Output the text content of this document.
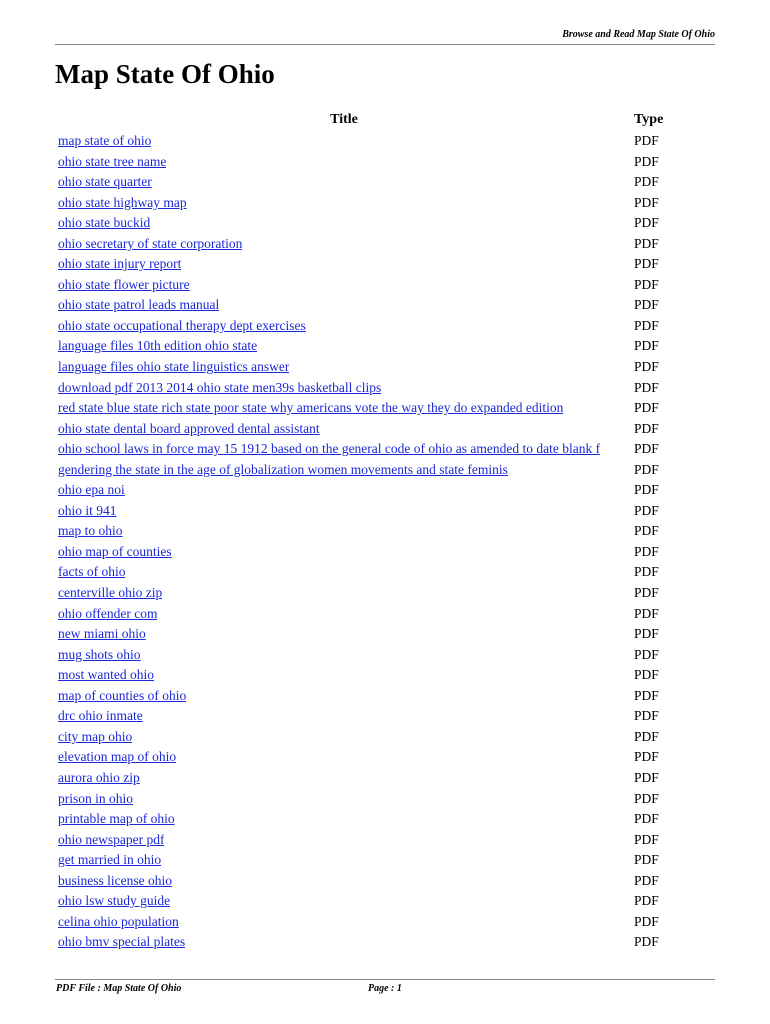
Browse and Read Map State Of Ohio
Map State Of Ohio
Title	Type
map state of ohio	PDF
ohio state tree name	PDF
ohio state quarter	PDF
ohio state highway map	PDF
ohio state buckid	PDF
ohio secretary of state corporation	PDF
ohio state injury report	PDF
ohio state flower picture	PDF
ohio state patrol leads manual	PDF
ohio state occupational therapy dept exercises	PDF
language files 10th edition ohio state	PDF
language files ohio state linguistics answer	PDF
download pdf 2013 2014 ohio state men39s basketball clips	PDF
red state blue state rich state poor state why americans vote the way they do expanded edition	PDF
ohio state dental board approved dental assistant	PDF
ohio school laws in force may 15 1912 based on the general code of ohio as amended to date blank f	PDF
gendering the state in the age of globalization women movements and state feminis	PDF
ohio epa noi	PDF
ohio it 941	PDF
map to ohio	PDF
ohio map of counties	PDF
facts of ohio	PDF
centerville ohio zip	PDF
ohio offender com	PDF
new miami ohio	PDF
mug shots ohio	PDF
most wanted ohio	PDF
map of counties of ohio	PDF
drc ohio inmate	PDF
city map ohio	PDF
elevation map of ohio	PDF
aurora ohio zip	PDF
prison in ohio	PDF
printable map of ohio	PDF
ohio newspaper pdf	PDF
get married in ohio	PDF
business license ohio	PDF
ohio lsw study guide	PDF
celina ohio population	PDF
ohio bmv special plates	PDF
PDF File : Map State Of Ohio	Page : 1
